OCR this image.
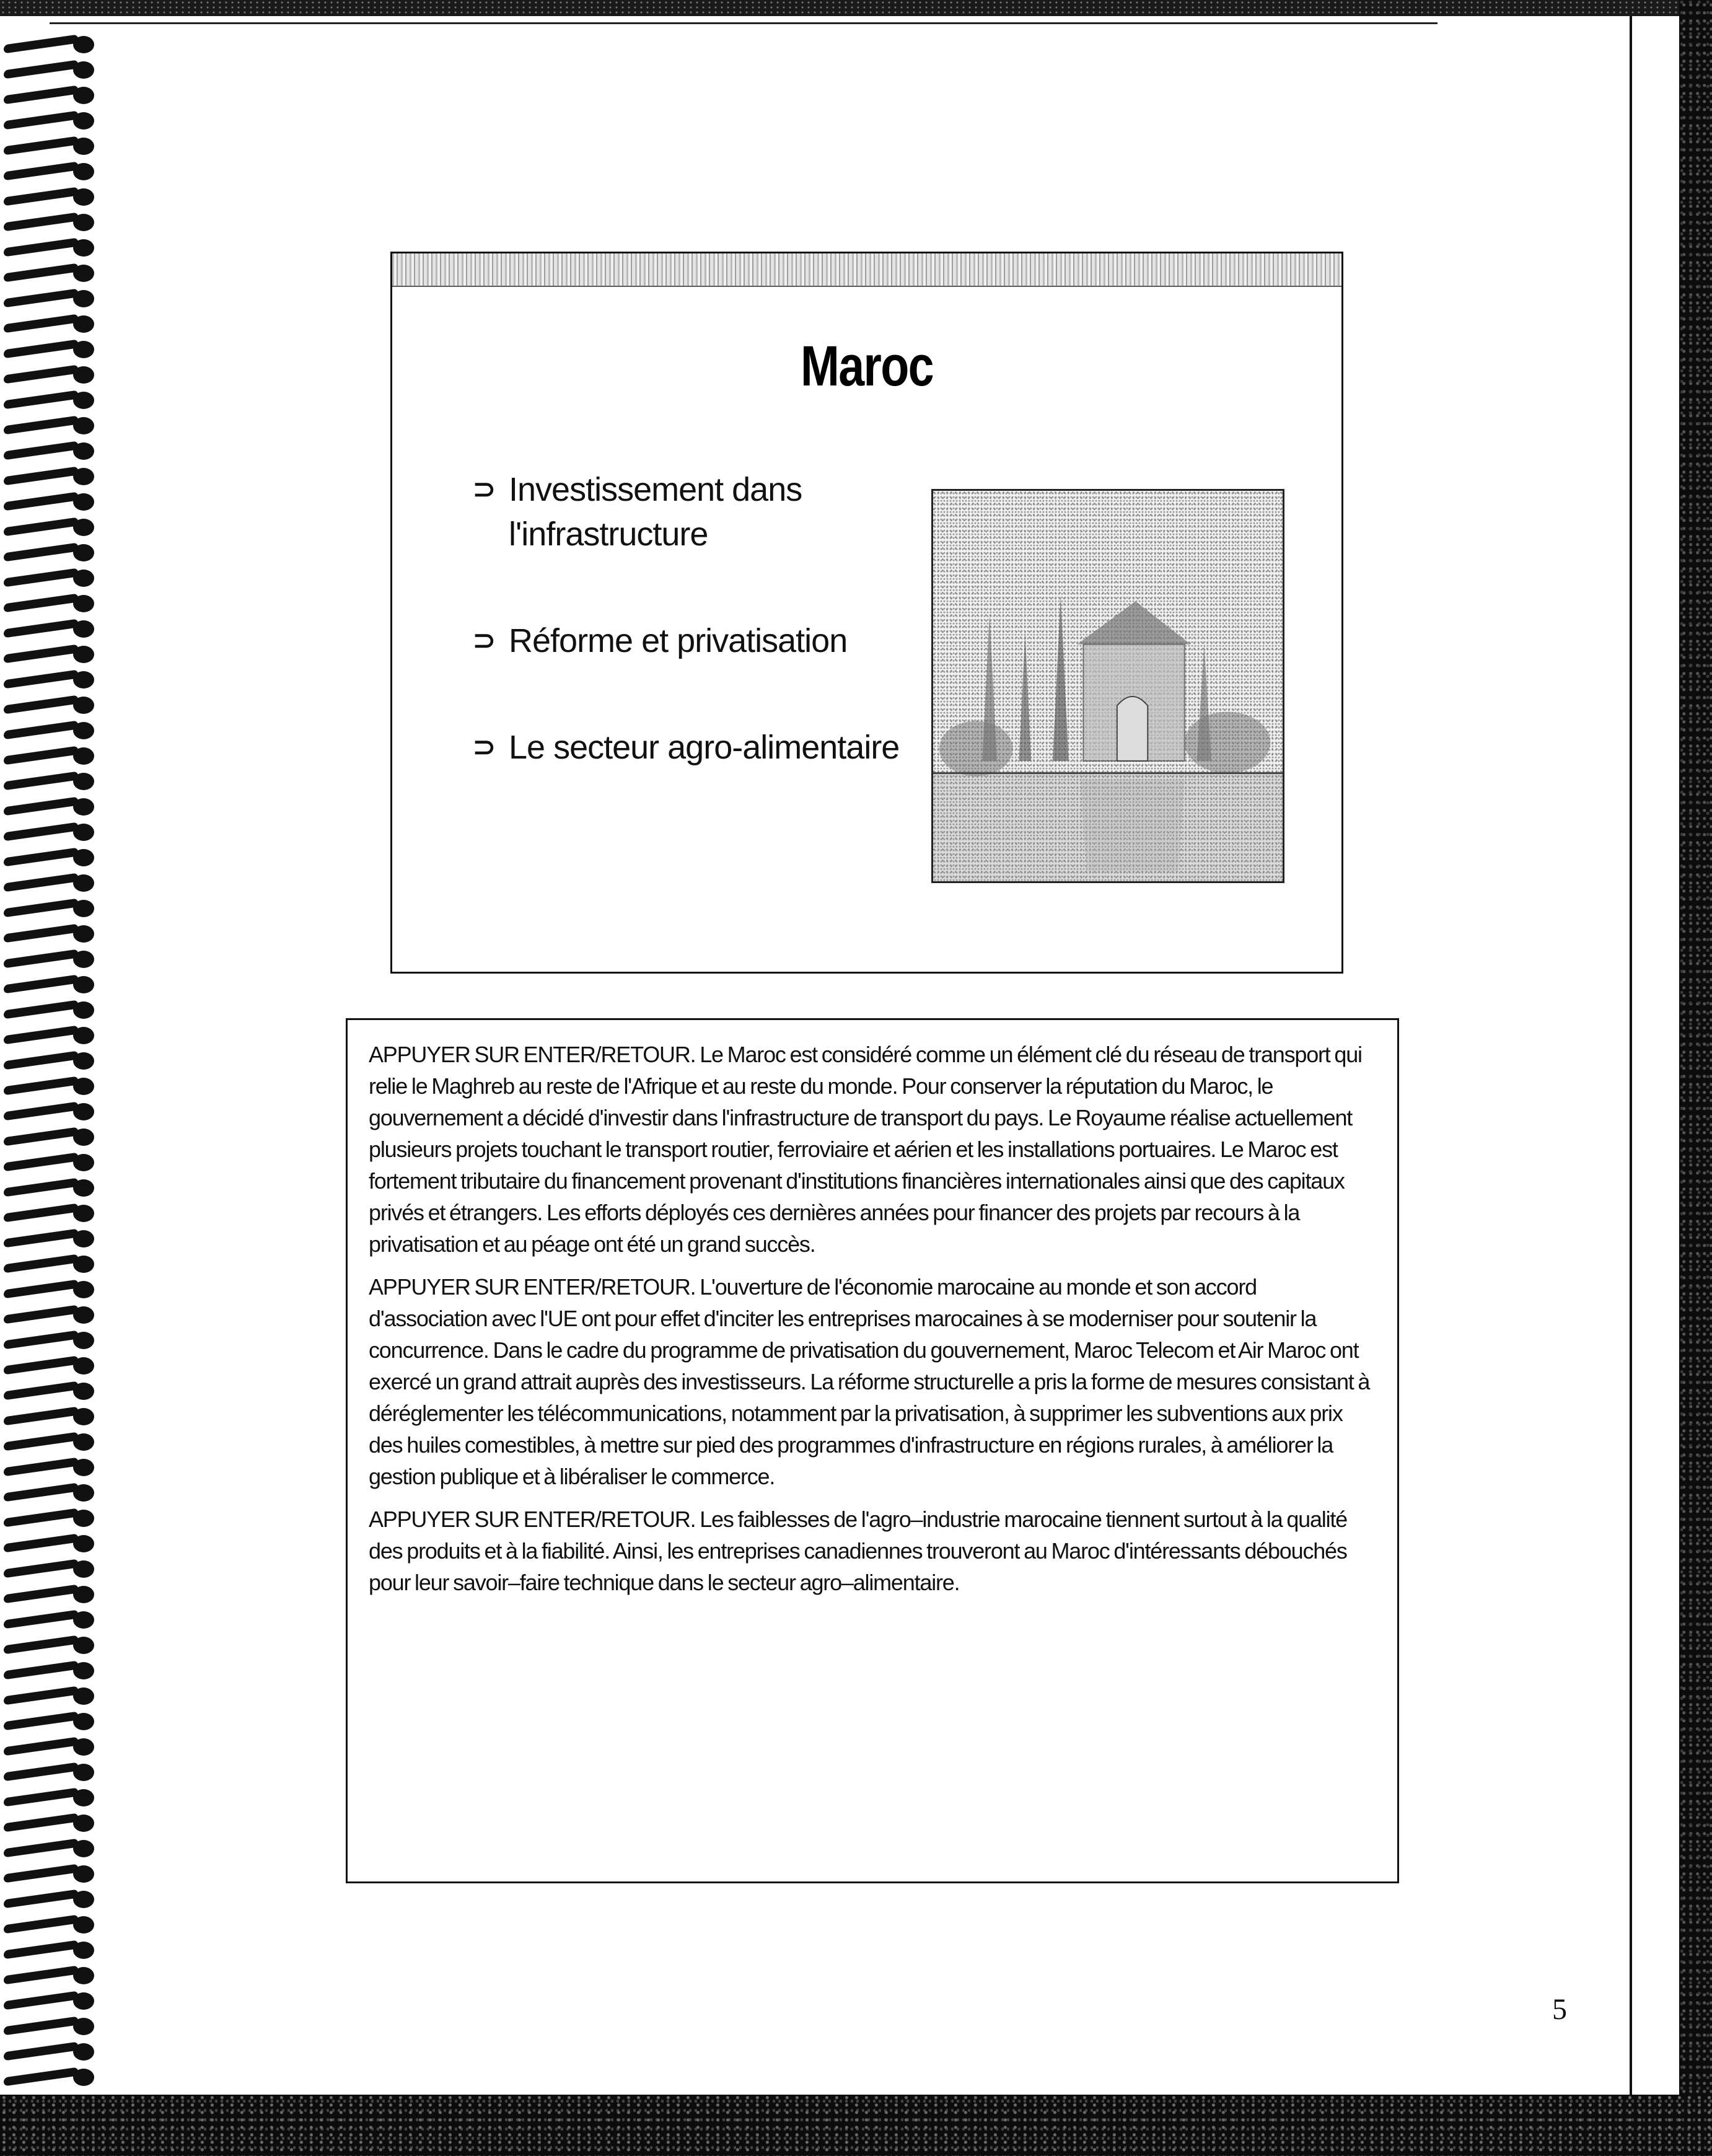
Maroc
⊃ Investissement dans l'infrastructure
⊃ Réforme et privatisation
⊃ Le secteur agro-alimentaire

APPUYER SUR ENTER/RETOUR. Le Maroc est considéré comme un élément clé du réseau de transport qui relie le Maghreb au reste de l'Afrique et au reste du monde. Pour conserver la réputation du Maroc, le gouvernement a décidé d'investir dans l'infrastructure de transport du pays. Le Royaume réalise actuellement plusieurs projets touchant le transport routier, ferroviaire et aérien et les installations portuaires. Le Maroc est fortement tributaire du financement provenant d'institutions financières internationales ainsi que des capitaux privés et étrangers. Les efforts déployés ces dernières années pour financer des projets par recours à la privatisation et au péage ont été un grand succès.

APPUYER SUR ENTER/RETOUR. L'ouverture de l'économie marocaine au monde et son accord d'association avec l'UE ont pour effet d'inciter les entreprises marocaines à se moderniser pour soutenir la concurrence. Dans le cadre du programme de privatisation du gouvernement, Maroc Telecom et Air Maroc ont exercé un grand attrait auprès des investisseurs. La réforme structurelle a pris la forme de mesures consistant à déréglementer les télécommunications, notamment par la privatisation, à supprimer les subventions aux prix des huiles comestibles, à mettre sur pied des programmes d'infrastructure en régions rurales, à améliorer la gestion publique et à libéraliser le commerce.

APPUYER SUR ENTER/RETOUR. Les faiblesses de l'agro–industrie marocaine tiennent surtout à la qualité des produits et à la fiabilité. Ainsi, les entreprises canadiennes trouveront au Maroc d'intéressants débouchés pour leur savoir–faire technique dans le secteur agro–alimentaire.

5
